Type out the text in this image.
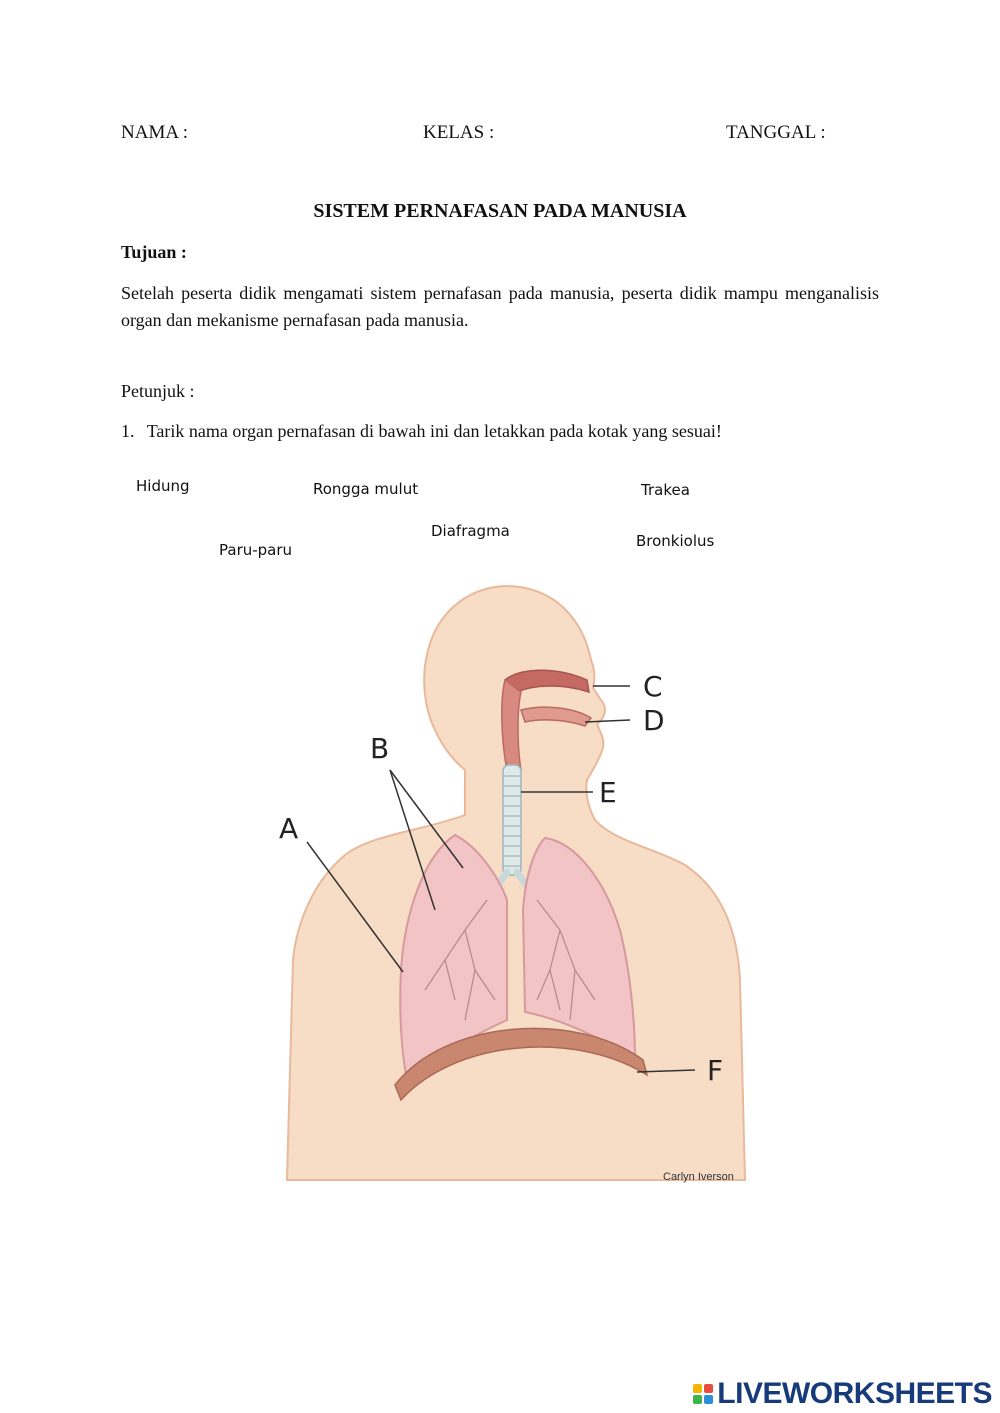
NAMA :	KELAS :	TANGGAL :
SISTEM PERNAFASAN PADA MANUSIA
Tujuan :
Setelah peserta didik mengamati sistem pernafasan pada manusia, peserta didik mampu menganalisis organ dan mekanisme pernafasan pada manusia.
Petunjuk :
1. Tarik nama organ pernafasan di bawah ini dan letakkan pada kotak yang sesuai!
Hidung	Rongga mulut	Trakea
Diafragma
Bronkiolus
Paru-paru
A
B
C
D
E
F
Carlyn Iverson
LIVEWORKSHEETS
